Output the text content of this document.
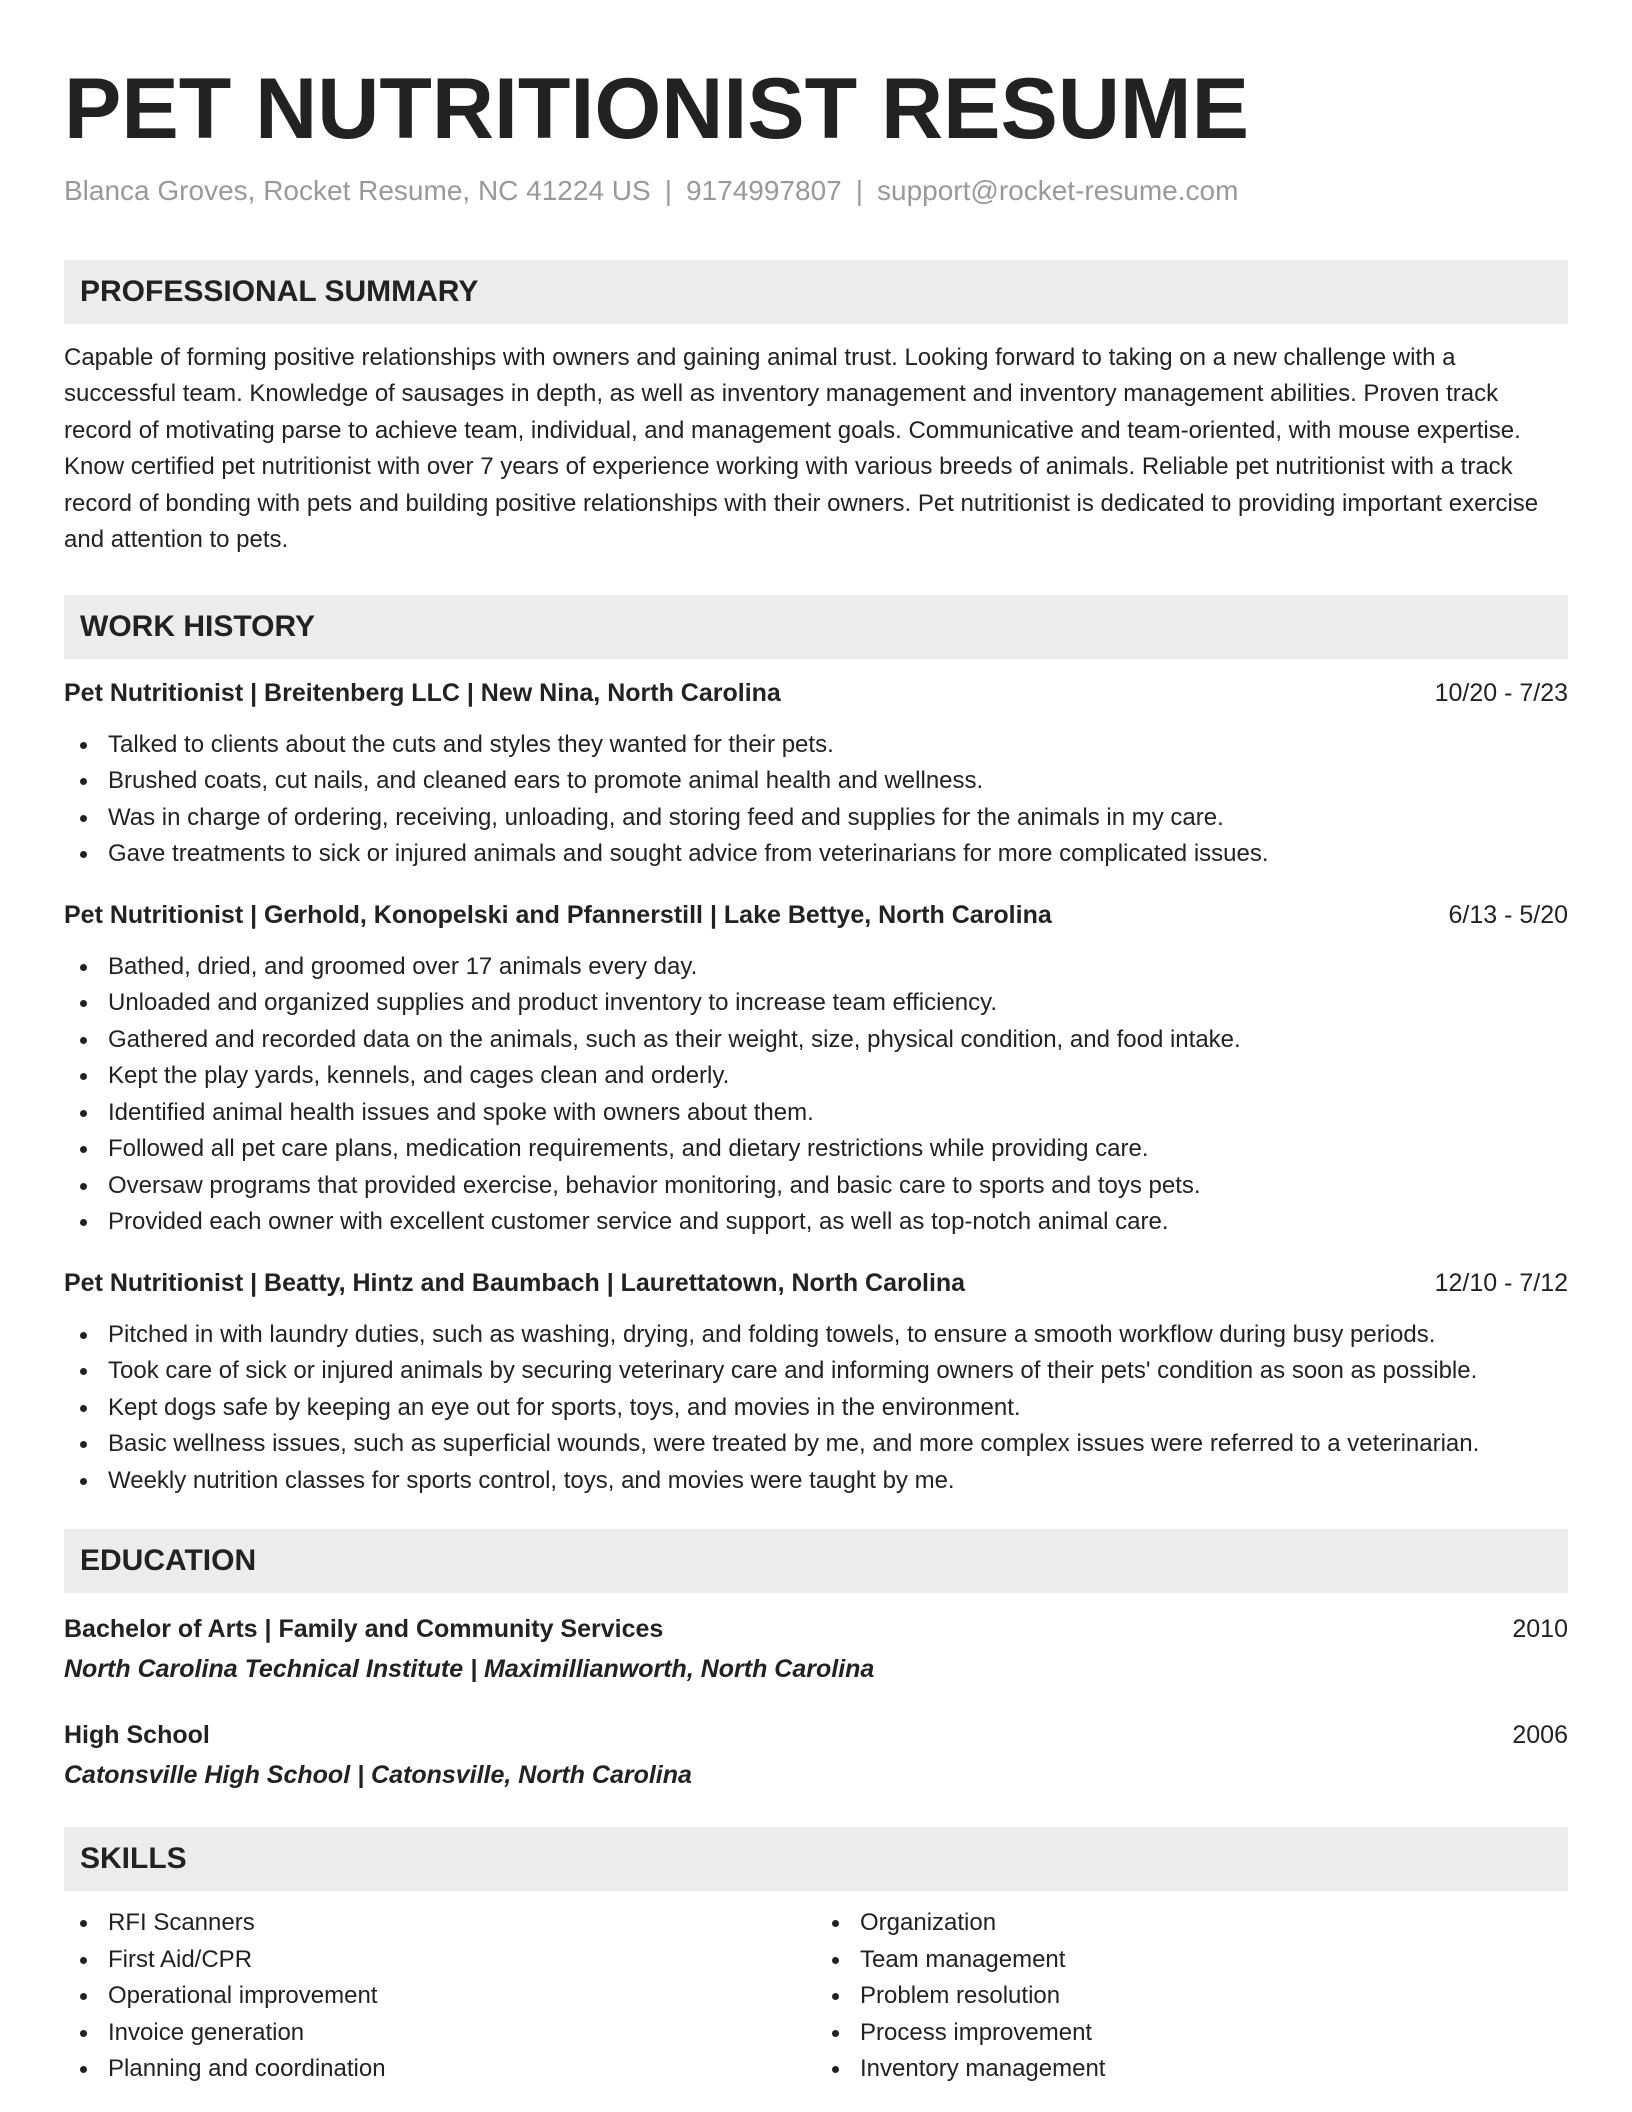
PET NUTRITIONIST RESUME
Blanca Groves, Rocket Resume, NC 41224 US | 9174997807 | support@rocket-resume.com
PROFESSIONAL SUMMARY
Capable of forming positive relationships with owners and gaining animal trust. Looking forward to taking on a new challenge with a successful team. Knowledge of sausages in depth, as well as inventory management and inventory management abilities. Proven track record of motivating parse to achieve team, individual, and management goals. Communicative and team-oriented, with mouse expertise. Know certified pet nutritionist with over 7 years of experience working with various breeds of animals. Reliable pet nutritionist with a track record of bonding with pets and building positive relationships with their owners. Pet nutritionist is dedicated to providing important exercise and attention to pets.
WORK HISTORY
Pet Nutritionist | Breitenberg LLC | New Nina, North Carolina	10/20 - 7/23
Talked to clients about the cuts and styles they wanted for their pets.
Brushed coats, cut nails, and cleaned ears to promote animal health and wellness.
Was in charge of ordering, receiving, unloading, and storing feed and supplies for the animals in my care.
Gave treatments to sick or injured animals and sought advice from veterinarians for more complicated issues.
Pet Nutritionist | Gerhold, Konopelski and Pfannerstill | Lake Bettye, North Carolina	6/13 - 5/20
Bathed, dried, and groomed over 17 animals every day.
Unloaded and organized supplies and product inventory to increase team efficiency.
Gathered and recorded data on the animals, such as their weight, size, physical condition, and food intake.
Kept the play yards, kennels, and cages clean and orderly.
Identified animal health issues and spoke with owners about them.
Followed all pet care plans, medication requirements, and dietary restrictions while providing care.
Oversaw programs that provided exercise, behavior monitoring, and basic care to sports and toys pets.
Provided each owner with excellent customer service and support, as well as top-notch animal care.
Pet Nutritionist | Beatty, Hintz and Baumbach | Laurettatown, North Carolina	12/10 - 7/12
Pitched in with laundry duties, such as washing, drying, and folding towels, to ensure a smooth workflow during busy periods.
Took care of sick or injured animals by securing veterinary care and informing owners of their pets' condition as soon as possible.
Kept dogs safe by keeping an eye out for sports, toys, and movies in the environment.
Basic wellness issues, such as superficial wounds, were treated by me, and more complex issues were referred to a veterinarian.
Weekly nutrition classes for sports control, toys, and movies were taught by me.
EDUCATION
Bachelor of Arts | Family and Community Services	2010
North Carolina Technical Institute | Maximillianworth, North Carolina
High School	2006
Catonsville High School | Catonsville, North Carolina
SKILLS
RFI Scanners
First Aid/CPR
Operational improvement
Invoice generation
Planning and coordination
Organization
Team management
Problem resolution
Process improvement
Inventory management
